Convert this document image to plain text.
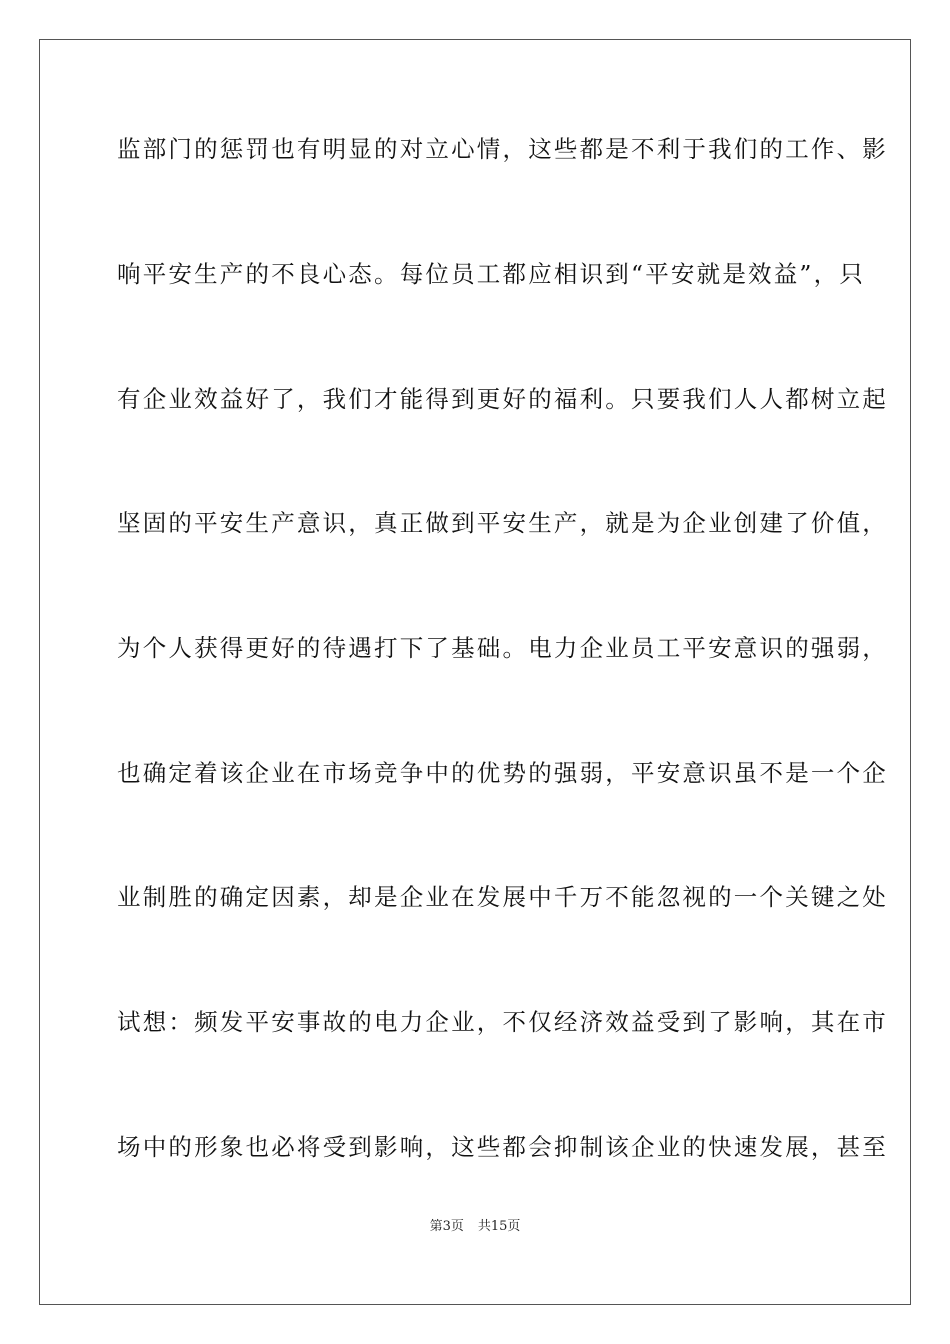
监部门的惩罚也有明显的对立心情，这些都是不利于我们的工作、影
响平安生产的不良心态。每位员工都应相识到“平安就是效益”，只
有企业效益好了，我们才能得到更好的福利。只要我们人人都树立起
坚固的平安生产意识，真正做到平安生产，就是为企业创建了价值，
为个人获得更好的待遇打下了基础。电力企业员工平安意识的强弱，
也确定着该企业在市场竞争中的优势的强弱，平安意识虽不是一个企
业制胜的确定因素，却是企业在发展中千万不能忽视的一个关键之处
试想：频发平安事故的电力企业，不仅经济效益受到了影响，其在市
场中的形象也必将受到影响，这些都会抑制该企业的快速发展，甚至
第3页 共15页
